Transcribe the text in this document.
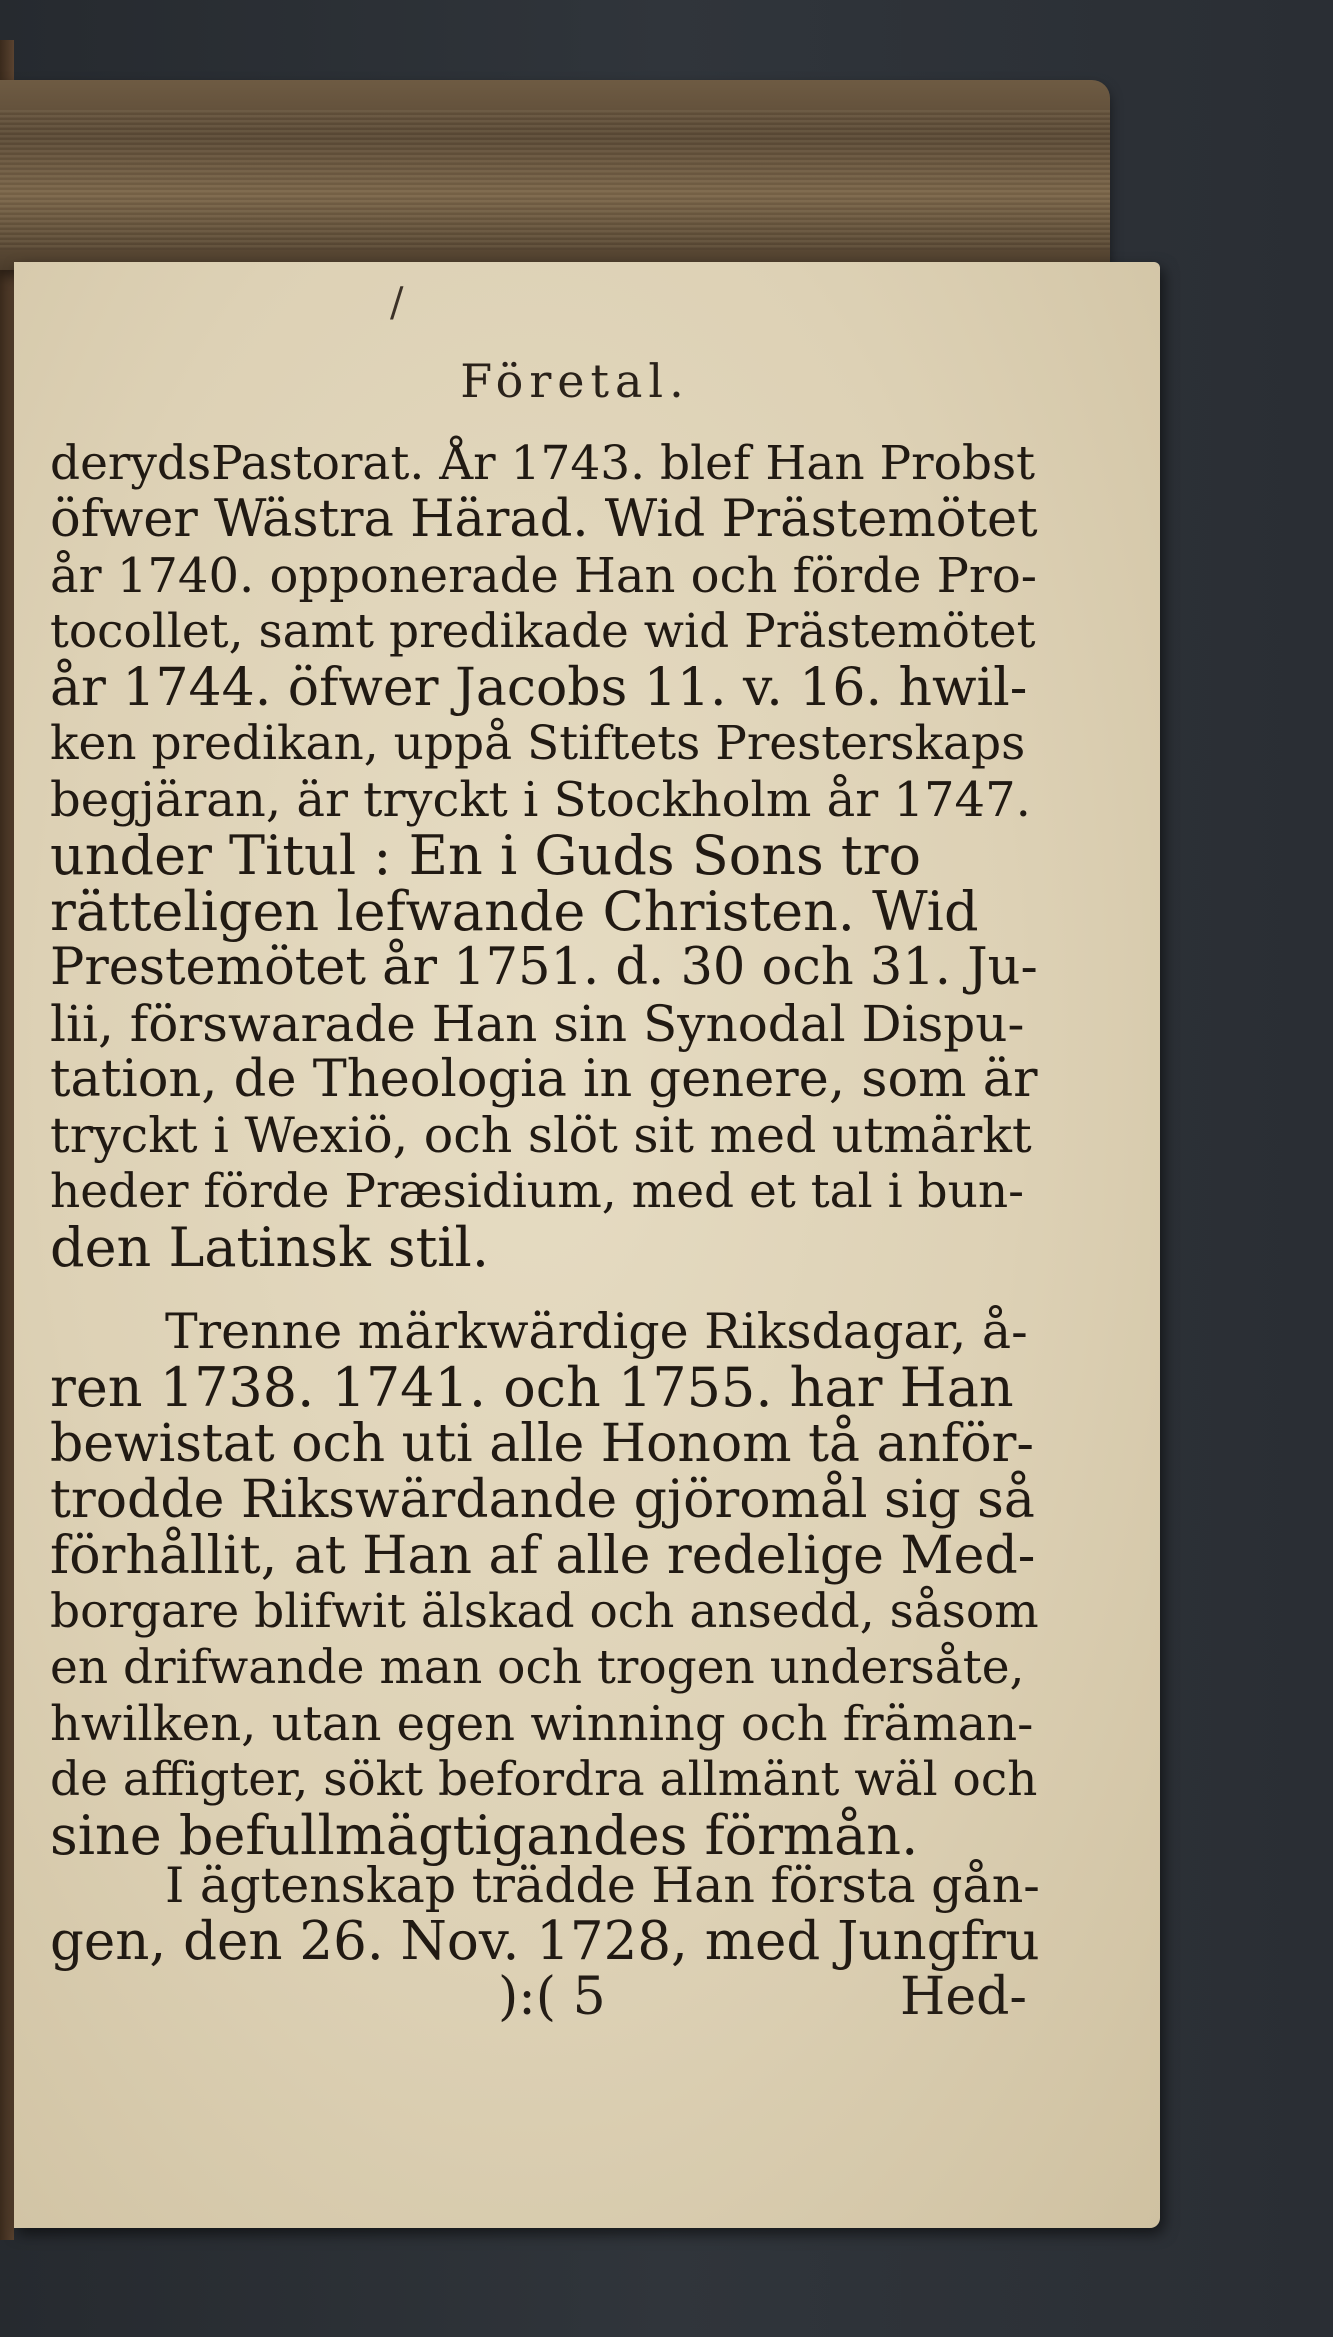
/
Företal.
derydsPastorat. År 1743. blef Han Probst
öfwer Wästra Härad. Wid Prästemötet
år 1740. opponerade Han och förde Pro-
tocollet, samt predikade wid Prästemötet
år 1744. öfwer Jacobs 11. v. 16. hwil-
ken predikan, uppå Stiftets Presterskaps
begjäran, är tryckt i Stockholm år 1747.
under Titul : En i Guds Sons tro
rätteligen lefwande Christen. Wid
Prestemötet år 1751. d. 30 och 31. Ju-
lii, förswarade Han sin Synodal Dispu-
tation, de Theologia in genere, som är
tryckt i Wexiö, och slöt sit med utmärkt
heder förde Præsidium, med et tal i bun-
den Latinsk stil.
Trenne märkwärdige Riksdagar, å-
ren 1738. 1741. och 1755. har Han
bewistat och uti alle Honom tå anför-
trodde Rikswärdande gjöromål sig så
förhållit, at Han af alle redelige Med-
borgare blifwit älskad och ansedd, såsom
en drifwande man och trogen undersåte,
hwilken, utan egen winning och främan-
de affigter, sökt befordra allmänt wäl och
sine befullmägtigandes förmån.
I ägtenskap trädde Han första gån-
gen, den 26. Nov. 1728, med Jungfru
):( 5	Hed-
